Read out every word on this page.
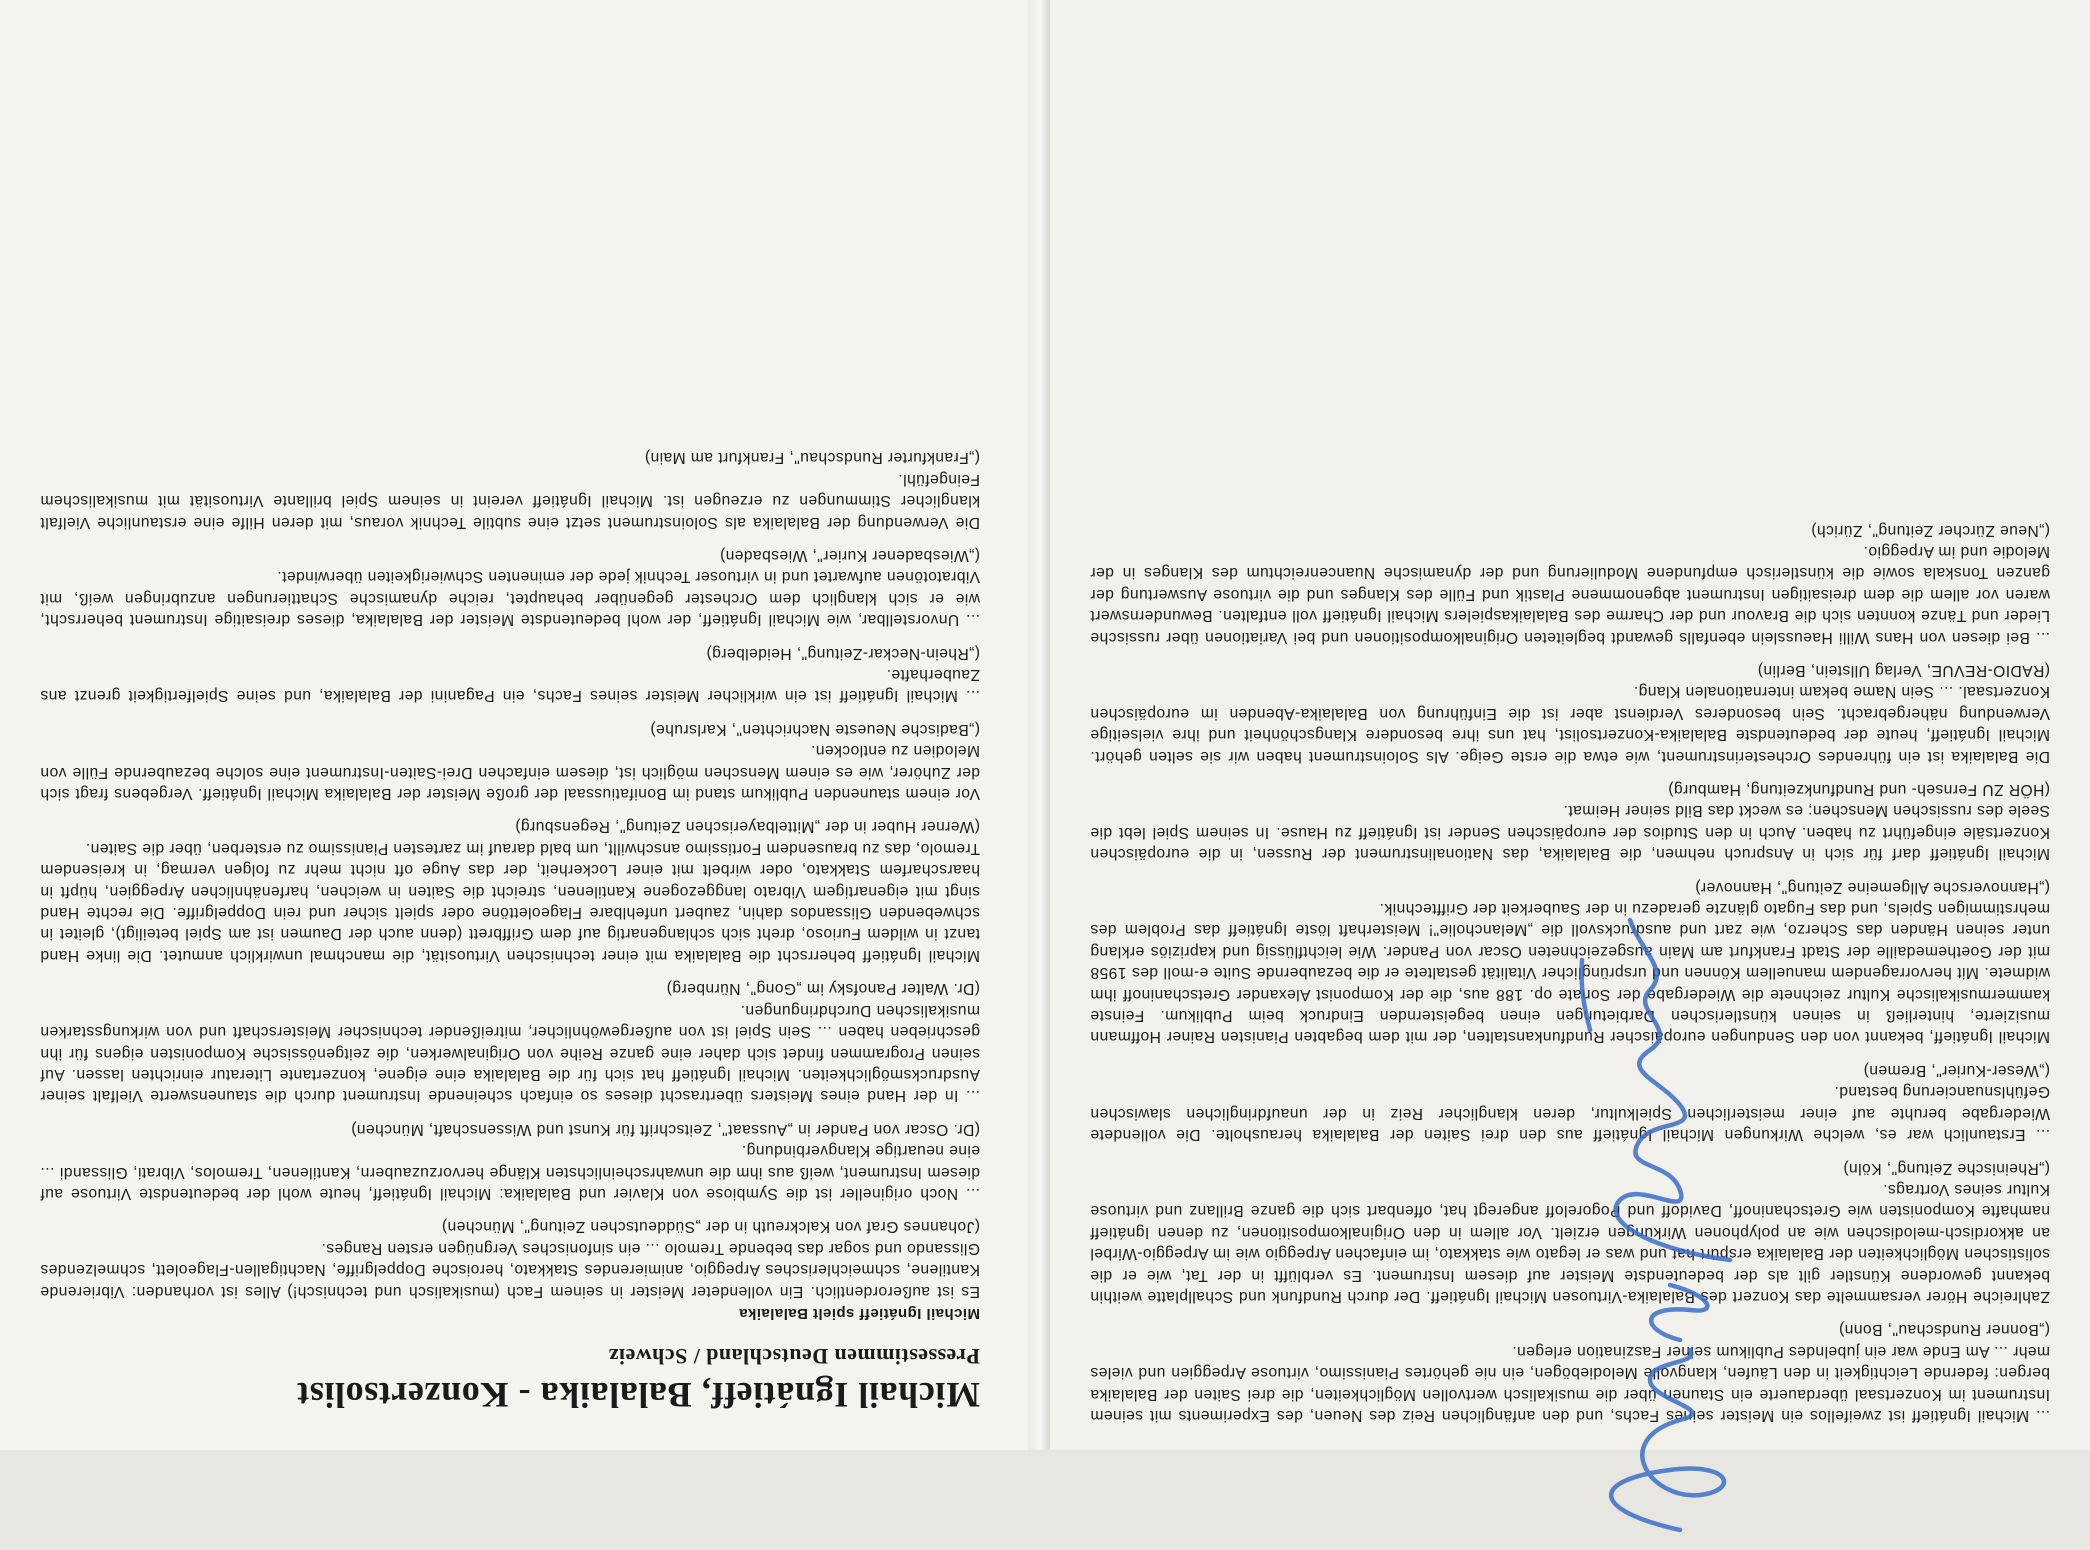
... Michail Ignátieff ist zweifellos ein Meister seines Fachs, und den anfänglichen Reiz des Neuen, des Experiments mit seinem Instrument im Konzertsaal überdauerte ein Staunen über die musikalisch wertvollen Möglichkeiten, die drei Saiten der Balalaika bergen: federnde Leichtigkeit in den Läufen, klangvolle Melodiebögen, ein nie gehörtes Pianissimo, virtuose Arpeggien und vieles mehr ... Am Ende war ein jubelndes Publikum seiner Faszination erlegen.

(„Bonner Rundschau", Bonn)

Zahlreiche Hörer versammelte das Konzert des Balalaika-Virtuosen Michail Ignátieff. Der durch Rundfunk und Schallplatte weithin bekannt gewordene Künstler gilt als der bedeutendste Meister auf diesem Instrument. Es verblüfft in der Tat, wie er die solistischen Möglichkeiten der Balalaika erspürt hat und was er legato wie stakkato, im einfachen Arpeggio wie im Arpeggio-Wirbel an akkordisch-melodischen wie an polyphonen Wirkungen erzielt. Vor allem in den Originalkompositionen, zu denen Ignátieff namhafte Komponisten wie Gretschaninoff, Davidoff und Pogoreloff angeregt hat, offenbart sich die ganze Brillanz und virtuose Kultur seines Vortrags.

(„Rheinische Zeitung", Köln)

... Erstaunlich war es, welche Wirkungen Michail Ignátieff aus den drei Saiten der Balalaika herausholte. Die vollendete Wiedergabe beruhte auf einer meisterlichen Spielkultur, deren klanglicher Reiz in der unaufdringlichen slawischen Gefühlsnuancierung bestand.

(„Weser-Kurier", Bremen)

Michail Ignátieff, bekannt von den Sendungen europäischer Rundfunkanstalten, der mit dem begabten Pianisten Rainer Hoffmann musizierte, hinterließ in seinen künstlerischen Darbietungen einen begeisternden Eindruck beim Publikum. Feinste kammermusikalische Kultur zeichnete die Wiedergabe der Sonate op. 188 aus, die der Komponist Alexander Gretschaninoff ihm widmete. Mit hervorragendem manuellem Können und ursprünglicher Vitalität gestaltete er die bezaubernde Suite e-moll des 1958 mit der Goethemedaille der Stadt Frankfurt am Main ausgezeichneten Oscar von Pander. Wie leichtflüssig und kapriziös erklang unter seinen Händen das Scherzo, wie zart und ausdrucksvoll die „Melancholie"! Meisterhaft löste Ignátieff das Problem des mehrstimmigen Spiels, und das Fugato glänzte geradezu in der Sauberkeit der Grifftechnik.

(„Hannoversche Allgemeine Zeitung", Hannover)

Michail Ignátieff darf für sich in Anspruch nehmen, die Balalaika, das Nationalinstrument der Russen, in die europäischen Konzertsäle eingeführt zu haben. Auch in den Studios der europäischen Sender ist Ignátieff zu Hause. In seinem Spiel lebt die Seele des russischen Menschen; es weckt das Bild seiner Heimat.

(HÖR ZU Fernseh- und Rundfunkzeitung, Hamburg)

Die Balalaika ist ein führendes Orchesterinstrument, wie etwa die erste Geige. Als Soloinstrument haben wir sie selten gehört. Michail Ignátieff, heute der bedeutendste Balalaika-Konzertsolist, hat uns ihre besondere Klangschönheit und ihre vielseitige Verwendung nähergebracht. Sein besonderes Verdienst aber ist die Einführung von Balalaika-Abenden im europäischen Konzertsaal. ... Sein Name bekam internationalen Klang.

(RADIO-REVUE, Verlag Ullstein, Berlin)

... Bei diesen von Hans Willi Haeusslein ebenfalls gewandt begleiteten Originalkompositionen und bei Variationen über russische Lieder und Tänze konnten sich die Bravour und der Charme des Balalaikaspielers Michail Ignátieff voll entfalten. Bewundernswert waren vor allem die dem dreisaitigen Instrument abgenommene Plastik und Fülle des Klanges und die virtuose Auswertung der ganzen Tonskala sowie die künstlerisch empfundene Modulierung und der dynamische Nuancenreichtum des Klanges in der Melodie und im Arpeggio.

(„Neue Zürcher Zeitung", Zürich)

Michail Ignátieff, Balalaika - Konzertsolist
Pressestimmen Deutschland / Schweiz
Michail Ignátieff spielt Balalaika

Es ist außerordentlich. Ein vollendeter Meister in seinem Fach (musikalisch und technisch!) Alles ist vorhanden: Vibrierende Kantilene, schmeichlerisches Arpeggio, animierendes Stakkato, heroische Doppelgriffe, Nachtigallen-Flageolett, schmelzendes Glissando und sogar das bebende Tremolo ... ein sinfonisches Vergnügen ersten Ranges.

(Johannes Graf von Kalckreuth in der „Süddeutschen Zeitung", München)

... Noch origineller ist die Symbiose von Klavier und Balalaika: Michail Ignátieff, heute wohl der bedeutendste Virtuose auf diesem Instrument, weiß aus ihm die unwahrscheinlichsten Klänge hervorzuzaubern, Kantilenen, Tremolos, Vibrati, Glissandi ... eine neuartige Klangverbindung.

(Dr. Oscar von Pander in „Aussaat", Zeitschrift für Kunst und Wissenschaft, München)

... In der Hand eines Meisters übertrascht dieses so einfach scheinende Instrument durch die staunenswerte Vielfalt seiner Ausdrucksmöglichkeiten. Michail Ignátieff hat sich für die Balalaika eine eigene, konzertante Literatur einrichten lassen. Auf seinen Programmen findet sich daher eine ganze Reihe von Originalwerken, die zeitgenössische Komponisten eigens für ihn geschrieben haben ... Sein Spiel ist von außergewöhnlicher, mitreißender technischer Meisterschaft und von wirkungsstarken musikalischen Durchdringungen.

(Dr. Walter Panofsky im „Gong", Nürnberg)

Michail Ignátieff beherrscht die Balalaika mit einer technischen Virtuosität, die manchmal unwirklich anmutet. Die linke Hand tanzt in wildem Furioso, dreht sich schlangenartig auf dem Griffbrett (denn auch der Daumen ist am Spiel beteiligt), gleitet in schwebenden Glissandos dahin, zaubert unfehlbare Flageolettöne oder spielt sicher und rein Doppelgriffe. Die rechte Hand singt mit eigenartigem Vibrato langgezogene Kantilenen, streicht die Saiten in weichen, harfenähnlichen Arpeggien, hüpft in haarscharfem Stakkato, oder wirbelt mit einer Lockerheit, der das Auge oft nicht mehr zu folgen vermag, in kreisendem Tremolo, das zu brausendem Fortissimo anschwillt, um bald darauf im zartesten Pianissimo zu ersterben, über die Saiten.

(Werner Huber in der „Mittelbayerischen Zeitung", Regensburg)

Vor einem staunenden Publikum stand im Bonifatiussaal der große Meister der Balalaika Michail Ignátieff. Vergebens fragt sich der Zuhörer, wie es einem Menschen möglich ist, diesem einfachen Drei-Saiten-Instrument eine solche bezaubernde Fülle von Melodien zu entlocken.

(„Badische Neueste Nachrichten", Karlsruhe)

... Michail Ignátieff ist ein wirklicher Meister seines Fachs, ein Paganini der Balalaika, und seine Spielfertigkeit grenzt ans Zauberhafte.

(„Rhein-Neckar-Zeitung", Heidelberg)

... Unvorstellbar, wie Michail Ignátieff, der wohl bedeutendste Meister der Balalaika, dieses dreisaitige Instrument beherrscht, wie er sich klanglich dem Orchester gegenüber behauptet, reiche dynamische Schattierungen anzubringen weiß, mit Vibratotönen aufwartet und in virtuoser Technik jede der eminenten Schwierigkeiten überwindet.

(„Wiesbadener Kurier", Wiesbaden)

Die Verwendung der Balalaika als Soloinstrument setzt eine subtile Technik voraus, mit deren Hilfe eine erstaunliche Vielfalt klanglicher Stimmungen zu erzeugen ist. Michail Ignátieff vereint in seinem Spiel brillante Virtuosität mit musikalischem Feingefühl.

(„Frankfurter Rundschau", Frankfurt am Main)
